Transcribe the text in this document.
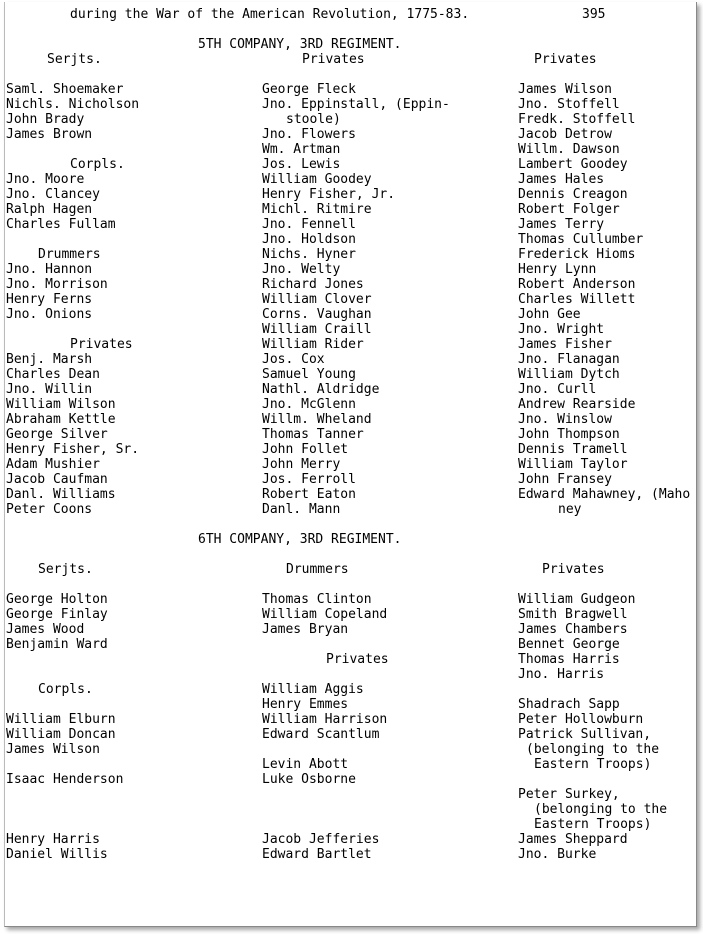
during the War of the American Revolution, 1775-83.	395
5TH COMPANY, 3RD REGIMENT.
6TH COMPANY, 3RD REGIMENT.
Serjts.
Saml. Shoemaker
Nichls. Nicholson
John Brady
James Brown
Corpls.
Jno. Moore
Jno. Clancey
Ralph Hagen
Charles Fullam
Drummers
Jno. Hannon
Jno. Morrison
Henry Ferns
Jno. Onions
Privates
Benj. Marsh
Charles Dean
Jno. Willin
William Wilson
Abraham Kettle
George Silver
Henry Fisher, Sr.
Adam Mushier
Jacob Caufman
Danl. Williams
Peter Coons
Privates
George Fleck
Jno. Eppinstall, (Eppin-
stoole)
Jno. Flowers
Wm. Artman
Jos. Lewis
William Goodey
Henry Fisher, Jr.
Michl. Ritmire
Jno. Fennell
Jno. Holdson
Nichs. Hyner
Jno. Welty
Richard Jones
William Clover
Corns. Vaughan
William Craill
William Rider
Jos. Cox
Samuel Young
Nathl. Aldridge
Jno. McGlenn
Willm. Wheland
Thomas Tanner
John Follet
John Merry
Jos. Ferroll
Robert Eaton
Danl. Mann
Privates
James Wilson
Jno. Stoffell
Fredk. Stoffell
Jacob Detrow
Willm. Dawson
Lambert Goodey
James Hales
Dennis Creagon
Robert Folger
James Terry
Thomas Cullumber
Frederick Hioms
Henry Lynn
Robert Anderson
Charles Willett
John Gee
Jno. Wright
James Fisher
Jno. Flanagan
William Dytch
Jno. Curll
Andrew Rearside
Jno. Winslow
John Thompson
Dennis Tramell
William Taylor
John Fransey
Edward Mahawney, (Maho
ney
Serjts.
George Holton
George Finlay
James Wood
Benjamin Ward
Corpls.
William Elburn
William Doncan
James Wilson
Isaac Henderson
Henry Harris
Daniel Willis
Drummers
Thomas Clinton
William Copeland
James Bryan
Privates
William Aggis
Henry Emmes
William Harrison
Edward Scantlum
Levin Abott
Luke Osborne
Jacob Jefferies
Edward Bartlet
Privates
William Gudgeon
Smith Bragwell
James Chambers
Bennet George
Thomas Harris
Jno. Harris
Shadrach Sapp
Peter Hollowburn
Patrick Sullivan,
(belonging to the
Eastern Troops)
Peter Surkey,
(belonging to the
Eastern Troops)
James Sheppard
Jno. Burke
